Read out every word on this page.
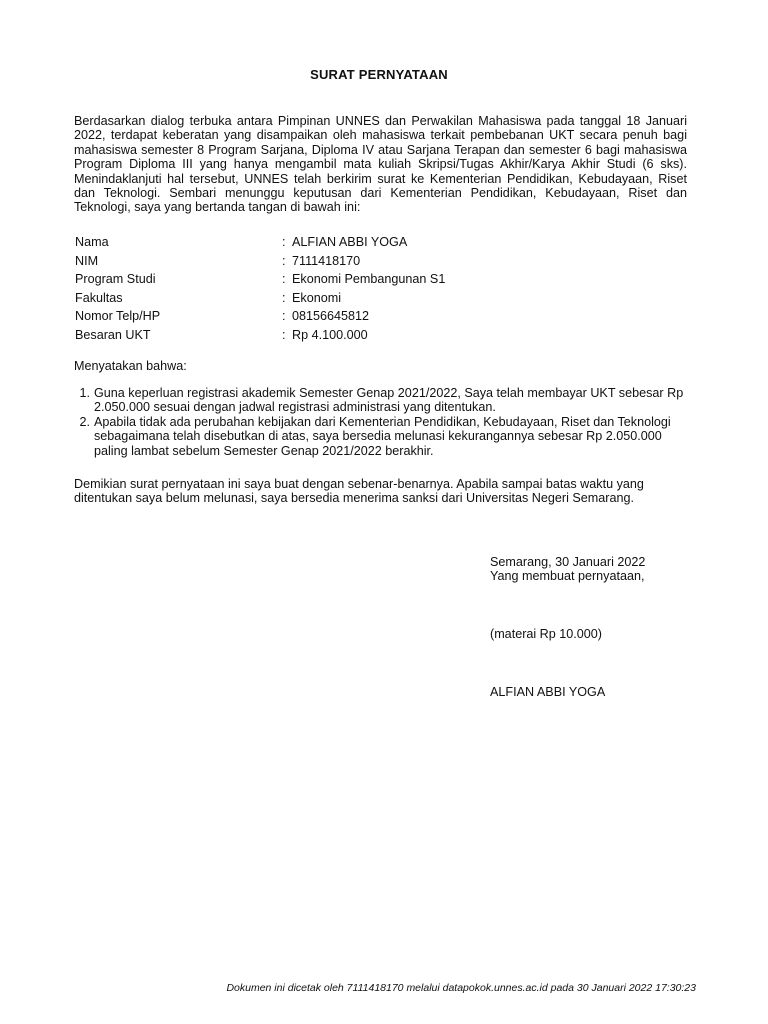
SURAT PERNYATAAN

Berdasarkan dialog terbuka antara Pimpinan UNNES dan Perwakilan Mahasiswa pada tanggal 18 Januari 2022, terdapat keberatan yang disampaikan oleh mahasiswa terkait pembebanan UKT secara penuh bagi mahasiswa semester 8 Program Sarjana, Diploma IV atau Sarjana Terapan dan semester 6 bagi mahasiswa Program Diploma III yang hanya mengambil mata kuliah Skripsi/Tugas Akhir/Karya Akhir Studi (6 sks). Menindaklanjuti hal tersebut, UNNES telah berkirim surat ke Kementerian Pendidikan, Kebudayaan, Riset dan Teknologi. Sembari menunggu keputusan dari Kementerian Pendidikan, Kebudayaan, Riset dan Teknologi, saya yang bertanda tangan di bawah ini:

Nama	: ALFIAN ABBI YOGA
NIM	: 7111418170
Program Studi	: Ekonomi Pembangunan S1
Fakultas	: Ekonomi
Nomor Telp/HP	: 08156645812
Besaran UKT	: Rp 4.100.000

Menyatakan bahwa:

1. Guna keperluan registrasi akademik Semester Genap 2021/2022, Saya telah membayar UKT sebesar Rp 2.050.000 sesuai dengan jadwal registrasi administrasi yang ditentukan.
2. Apabila tidak ada perubahan kebijakan dari Kementerian Pendidikan, Kebudayaan, Riset dan Teknologi sebagaimana telah disebutkan di atas, saya bersedia melunasi kekurangannya sebesar Rp 2.050.000 paling lambat sebelum Semester Genap 2021/2022 berakhir.

Demikian surat pernyataan ini saya buat dengan sebenar-benarnya. Apabila sampai batas waktu yang ditentukan saya belum melunasi, saya bersedia menerima sanksi dari Universitas Negeri Semarang.

Semarang, 30 Januari 2022
Yang membuat pernyataan,
(materai Rp 10.000)
ALFIAN ABBI YOGA
Dokumen ini dicetak oleh 7111418170 melalui datapokok.unnes.ac.id pada 30 Januari 2022 17:30:23
